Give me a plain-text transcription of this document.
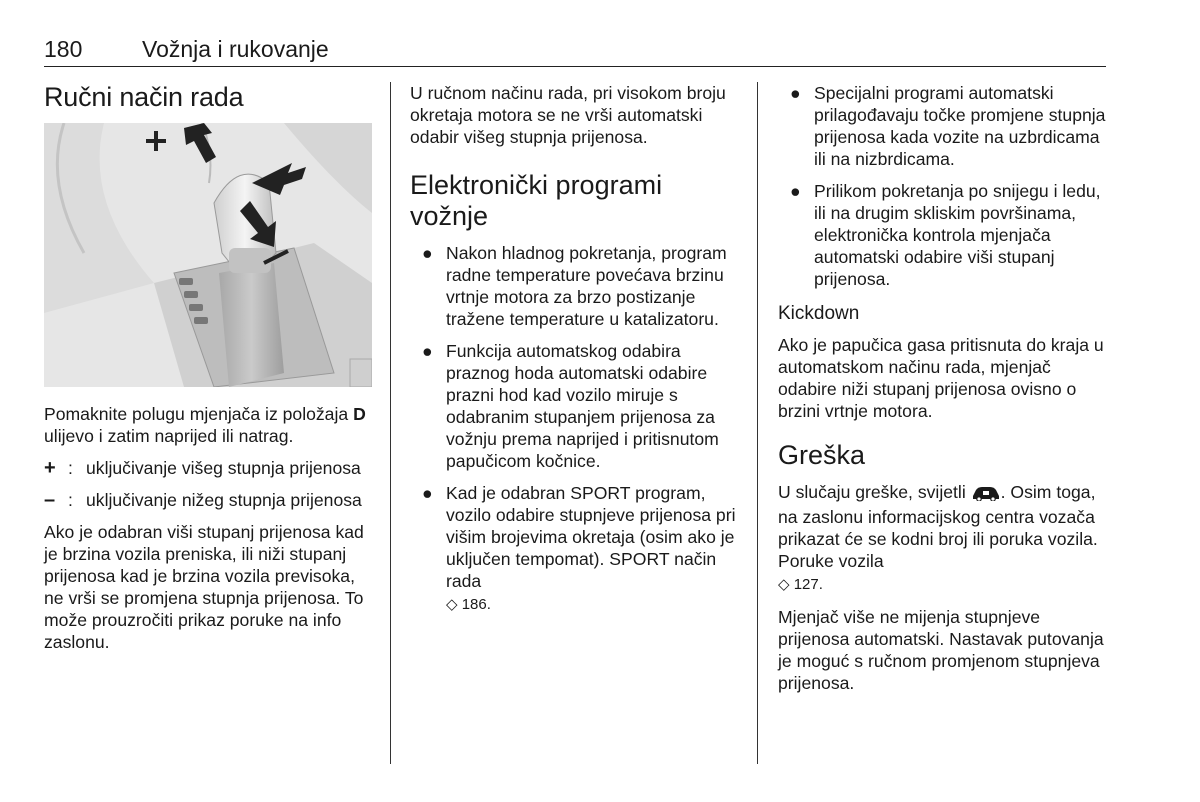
180	Vožnja i rukovanje
Ručni način rada

Pomaknite polugu mjenjača iz položaja D ulijevo i zatim naprijed ili natrag.

+ : uključivanje višeg stupnja prijenosa
– : uključivanje nižeg stupnja prijenosa

Ako je odabran viši stupanj prijenosa kad je brzina vozila preniska, ili niži stupanj prijenosa kad je brzina vozila previsoka, ne vrši se promjena stupnja prijenosa. To može prouzročiti prikaz poruke na info zaslonu.

U ručnom načinu rada, pri visokom broju okretaja motora se ne vrši automatski odabir višeg stupnja prijenosa.

Elektronički programi vožnje
● Nakon hladnog pokretanja, program radne temperature povećava brzinu vrtnje motora za brzo postizanje tražene temperature u katalizatoru.
● Funkcija automatskog odabira praznog hoda automatski odabire prazni hod kad vozilo miruje s odabranim stupanjem prijenosa za vožnju prema naprijed i pritisnutom papučicom kočnice.
● Kad je odabran SPORT program, vozilo odabire stupnjeve prijenosa pri višim brojevima okretaja (osim ako je uključen tempomat). SPORT način rada
◇ 186.
● Specijalni programi automatski prilagođavaju točke promjene stupnja prijenosa kada vozite na uzbrdicama ili na nizbrdicama.
● Prilikom pokretanja po snijegu i ledu, ili na drugim skliskim površinama, elektronička kontrola mjenjača automatski odabire viši stupanj prijenosa.
Kickdown

Ako je papučica gasa pritisnuta do kraja u automatskom načinu rada, mjenjač odabire niži stupanj prijenosa ovisno o brzini vrtnje motora.

Greška

U slučaju greške, svijetli . Osim toga, na zaslonu informacijskog centra vozača prikazat će se kodni broj ili poruka vozila. Poruke vozila
◇ 127.

Mjenjač više ne mijenja stupnjeve prijenosa automatski. Nastavak putovanja je moguć s ručnom promjenom stupnjeva prijenosa.
